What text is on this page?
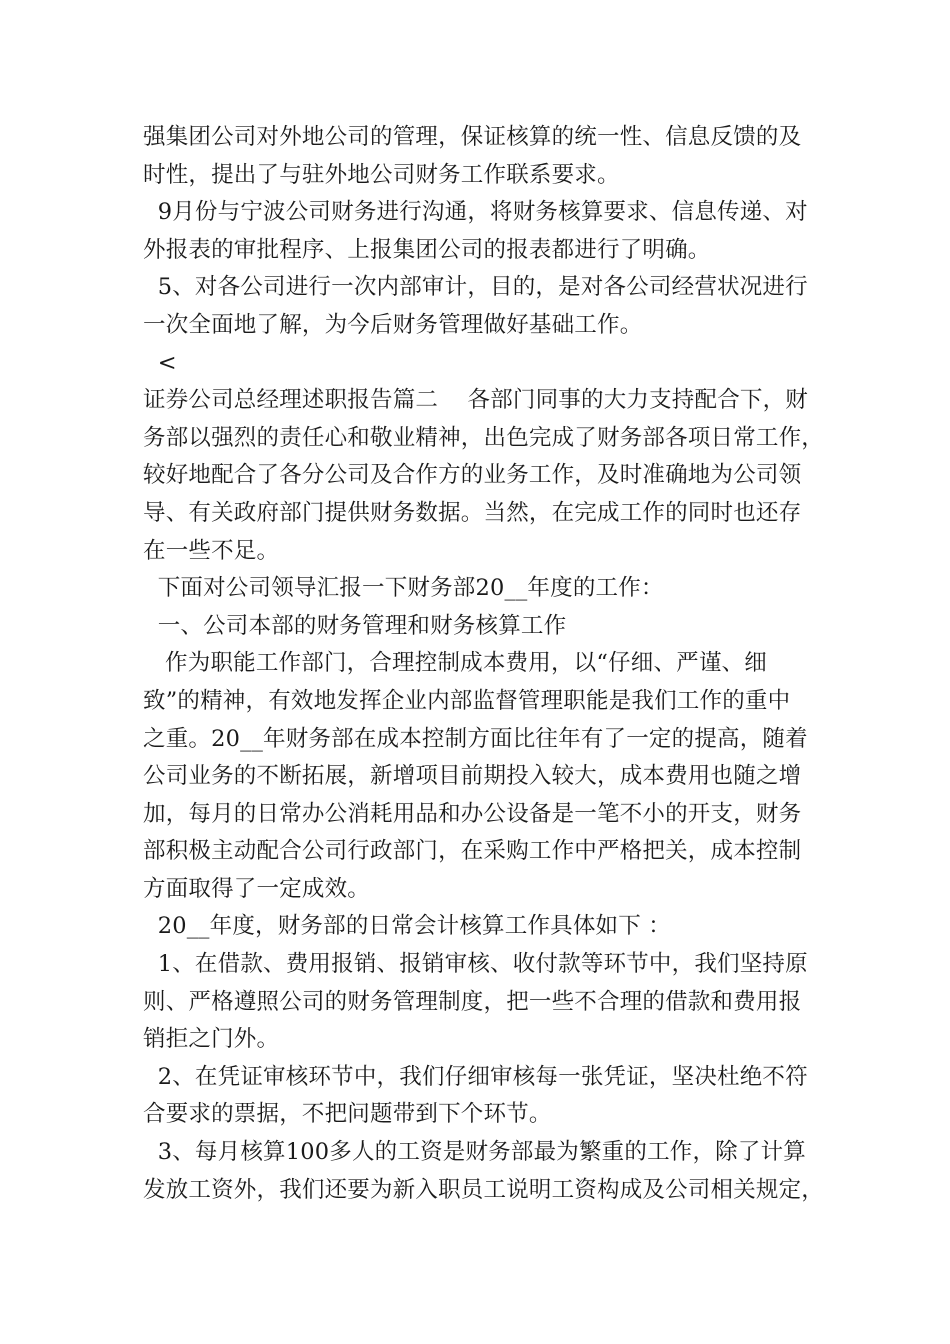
强集团公司对外地公司的管理，保证核算的统一性、信息反馈的及
时性，提出了与驻外地公司财务工作联系要求。
9月份与宁波公司财务进行沟通，将财务核算要求、信息传递、对
外报表的审批程序、上报集团公司的报表都进行了明确。
5、对各公司进行一次内部审计，目的，是对各公司经营状况进行
一次全面地了解，为今后财务管理做好基础工作。
<
证券公司总经理述职报告篇二    各部门同事的大力支持配合下，财
务部以强烈的责任心和敬业精神，出色完成了财务部各项日常工作，
较好地配合了各分公司及合作方的业务工作，及时准确地为公司领
导、有关政府部门提供财务数据。当然，在完成工作的同时也还存
在一些不足。
下面对公司领导汇报一下财务部20__年度的工作：
一、公司本部的财务管理和财务核算工作
作为职能工作部门，合理控制成本费用，以“仔细、严谨、细
致”的精神，有效地发挥企业内部监督管理职能是我们工作的重中
之重。20__年财务部在成本控制方面比往年有了一定的提高，随着
公司业务的不断拓展，新增项目前期投入较大，成本费用也随之增
加，每月的日常办公消耗用品和办公设备是一笔不小的开支，财务
部积极主动配合公司行政部门，在采购工作中严格把关，成本控制
方面取得了一定成效。
20__年度，财务部的日常会计核算工作具体如下 ：
1、在借款、费用报销、报销审核、收付款等环节中，我们坚持原
则、严格遵照公司的财务管理制度，把一些不合理的借款和费用报
销拒之门外。
2、在凭证审核环节中，我们仔细审核每一张凭证，坚决杜绝不符
合要求的票据，不把问题带到下个环节。
3、每月核算100多人的工资是财务部最为繁重的工作，除了计算
发放工资外，我们还要为新入职员工说明工资构成及公司相关规定，
